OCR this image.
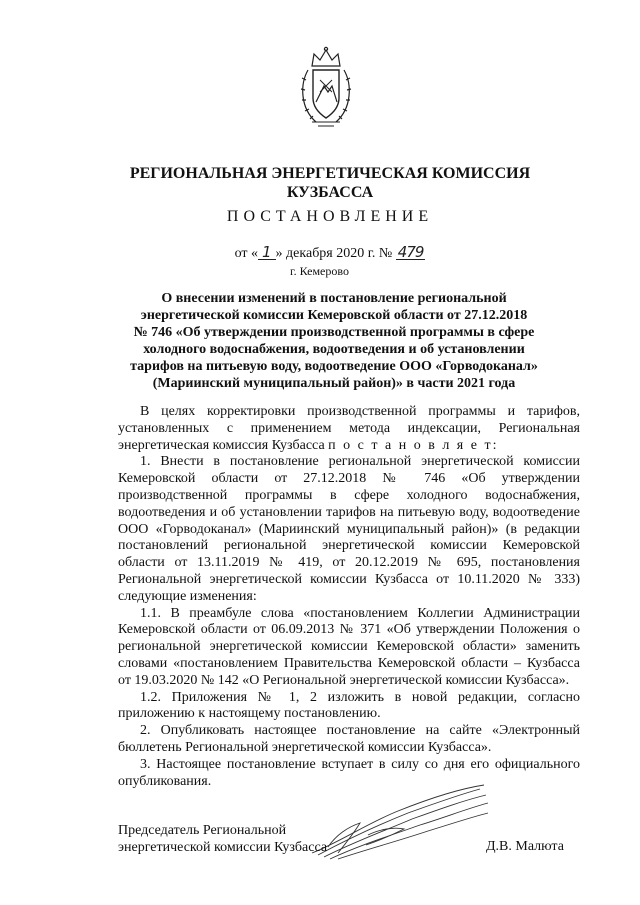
РЕГИОНАЛЬНАЯ ЭНЕРГЕТИЧЕСКАЯ КОМИССИЯ
КУЗБАССА
ПОСТАНОВЛЕНИЕ
от « 1 » декабря 2020 г. № 479
г. Кемерово
О внесении изменений в постановление региональной
энергетической комиссии Кемеровской области от 27.12.2018
№ 746 «Об утверждении производственной программы в сфере
холодного водоснабжения, водоотведения и об установлении
тарифов на питьевую воду, водоотведение ООО «Горводоканал»
(Мариинский муниципальный район)» в части 2021 года

В целях корректировки производственной программы и тарифов, установленных с применением метода индексации, Региональная энергетическая комиссия Кузбасса п о с т а н о в л я е т:

1. Внести в постановление региональной энергетической комиссии Кемеровской области от 27.12.2018 № 746 «Об утверждении производственной программы в сфере холодного водоснабжения, водоотведения и об установлении тарифов на питьевую воду, водоотведение ООО «Горводоканал» (Мариинский муниципальный район)» (в редакции постановлений региональной энергетической комиссии Кемеровской области от 13.11.2019 № 419, от 20.12.2019 № 695, постановления Региональной энергетической комиссии Кузбасса от 10.11.2020 № 333) следующие изменения:

1.1. В преамбуле слова «постановлением Коллегии Администрации Кемеровской области от 06.09.2013 № 371 «Об утверждении Положения о региональной энергетической комиссии Кемеровской области» заменить словами «постановлением Правительства Кемеровской области – Кузбасса от 19.03.2020 № 142 «О Региональной энергетической комиссии Кузбасса».

1.2. Приложения № 1, 2 изложить в новой редакции, согласно приложению к настоящему постановлению.

2. Опубликовать настоящее постановление на сайте «Электронный бюллетень Региональной энергетической комиссии Кузбасса».

3. Настоящее постановление вступает в силу со дня его официального опубликования.

Председатель Региональной
энергетической комиссии Кузбасса	Д.В. Малюта
